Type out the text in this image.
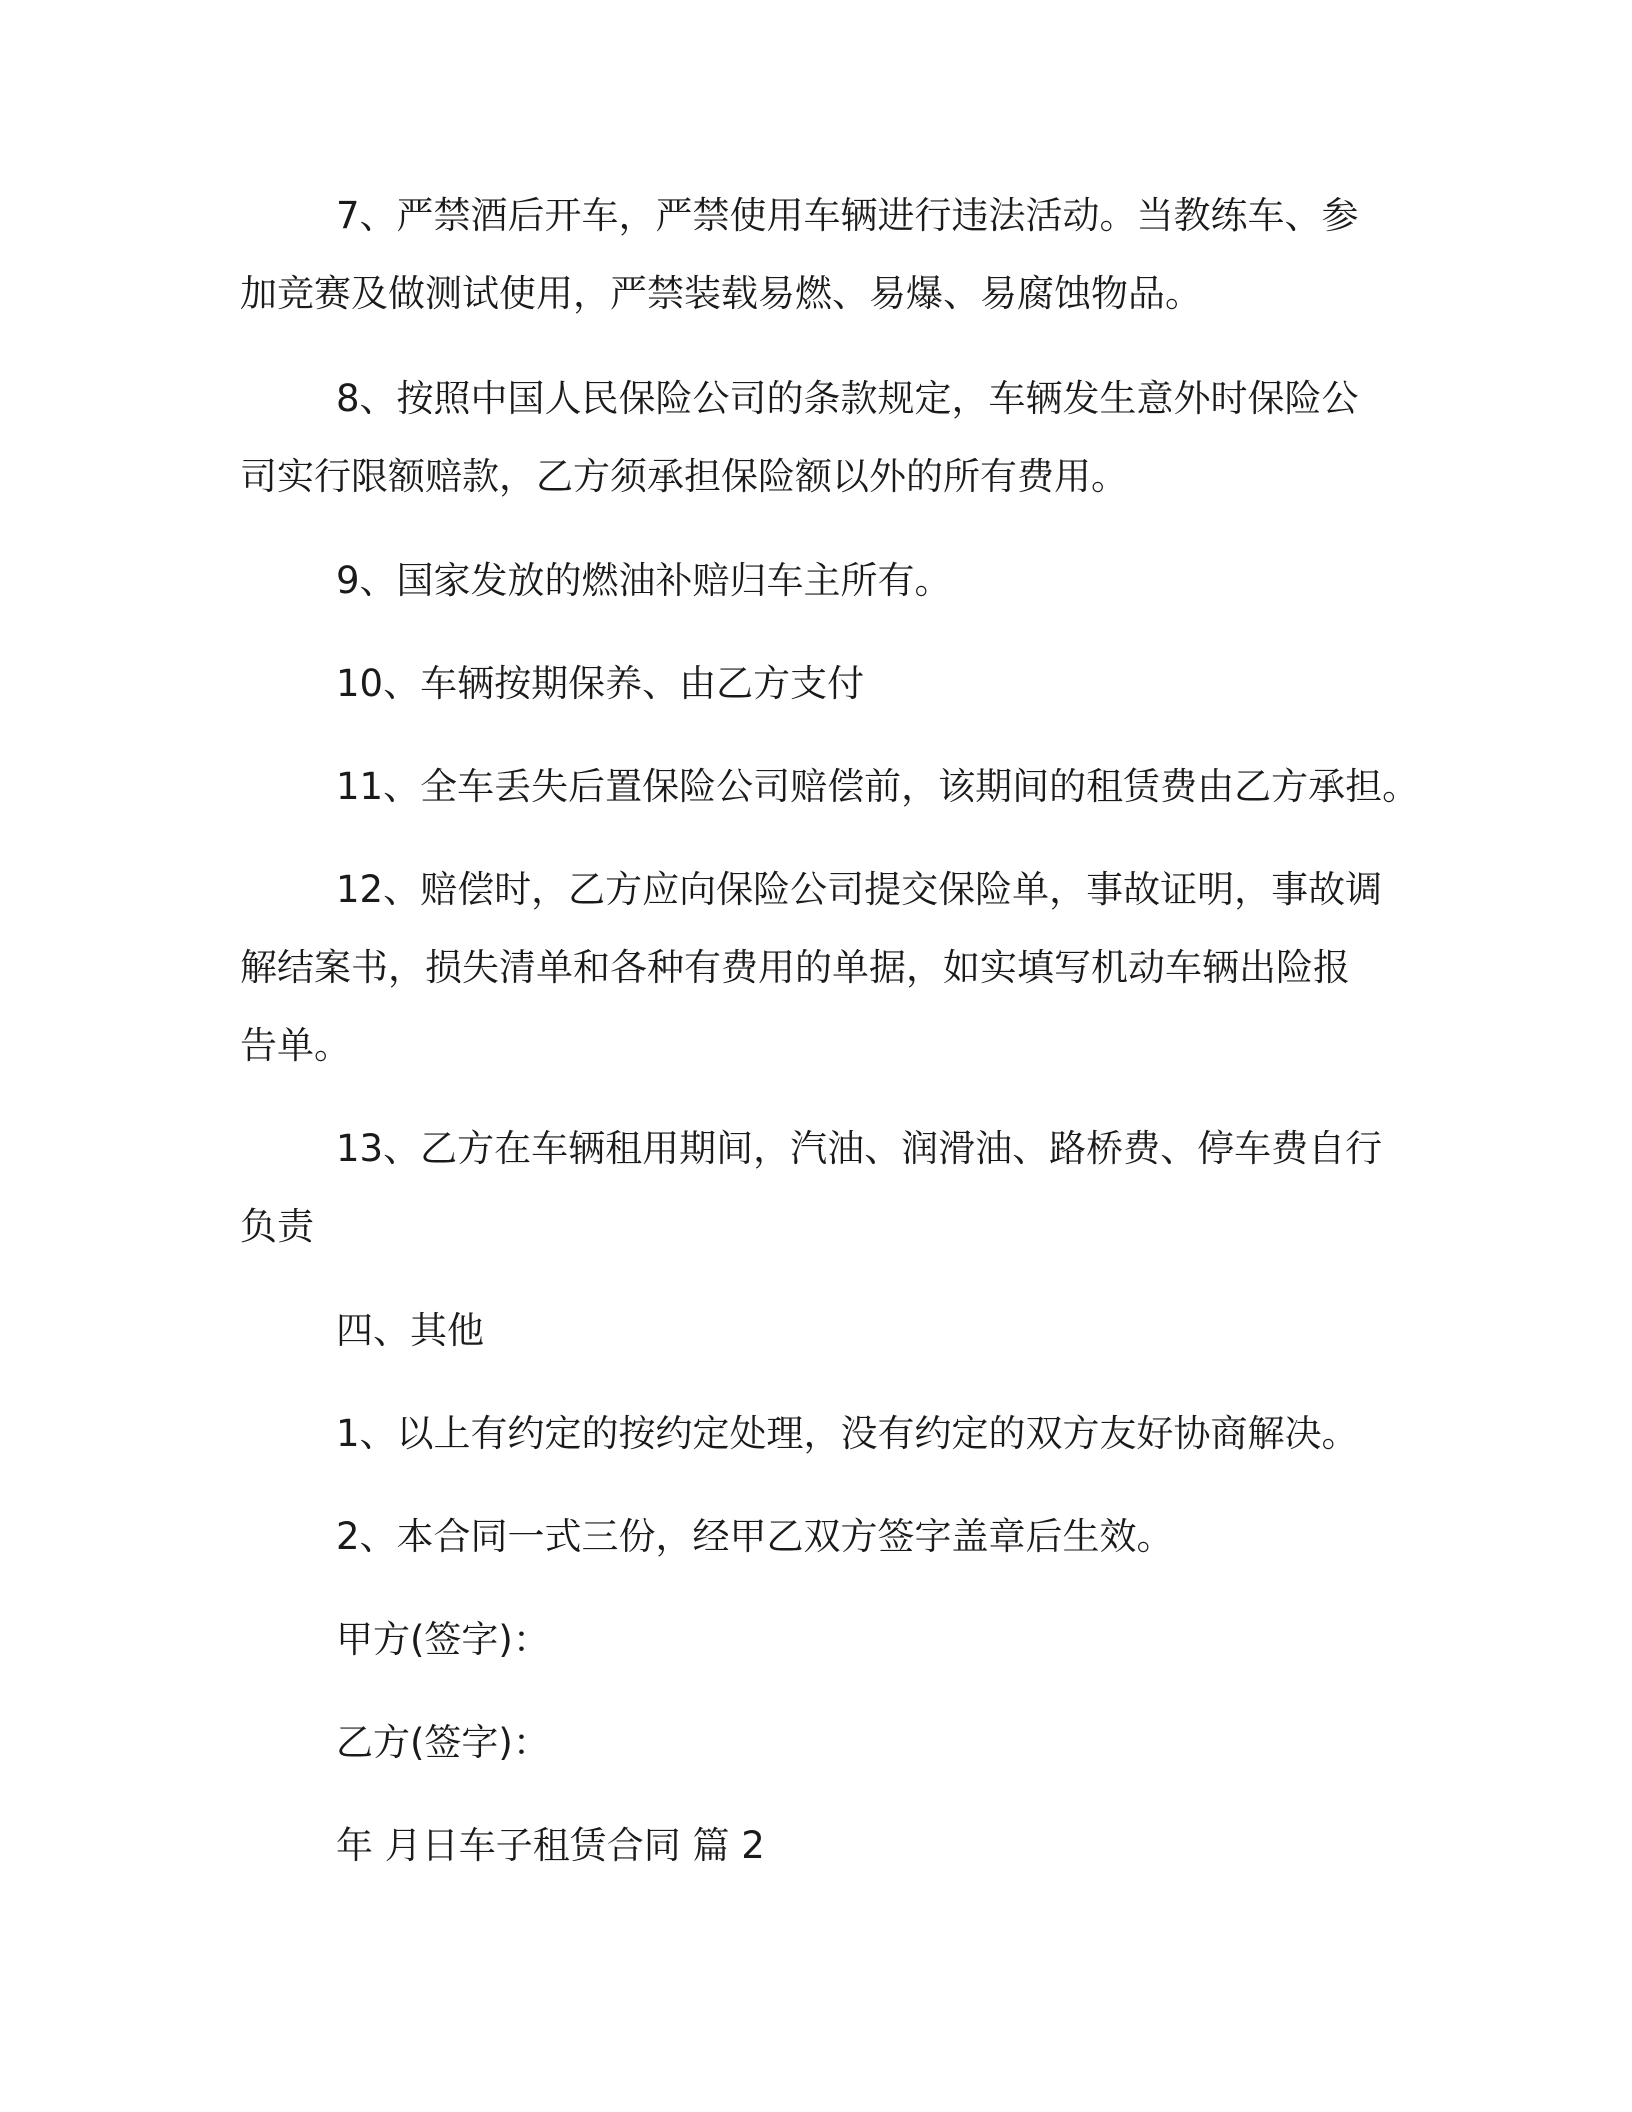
7、严禁酒后开车，严禁使用车辆进行违法活动。当教练车、参
加竞赛及做测试使用，严禁装载易燃、易爆、易腐蚀物品。
8、按照中国人民保险公司的条款规定，车辆发生意外时保险公
司实行限额赔款，乙方须承担保险额以外的所有费用。
9、国家发放的燃油补赔归车主所有。
10、车辆按期保养、由乙方支付
11、全车丢失后置保险公司赔偿前，该期间的租赁费由乙方承担。
12、赔偿时，乙方应向保险公司提交保险单，事故证明，事故调
解结案书，损失清单和各种有费用的单据，如实填写机动车辆出险报
告单。
13、乙方在车辆租用期间，汽油、润滑油、路桥费、停车费自行
负责
四、其他
1、以上有约定的按约定处理，没有约定的双方友好协商解决。
2、本合同一式三份，经甲乙双方签字盖章后生效。
甲方(签字)：
乙方(签字)：
年 月日车子租赁合同 篇 2
